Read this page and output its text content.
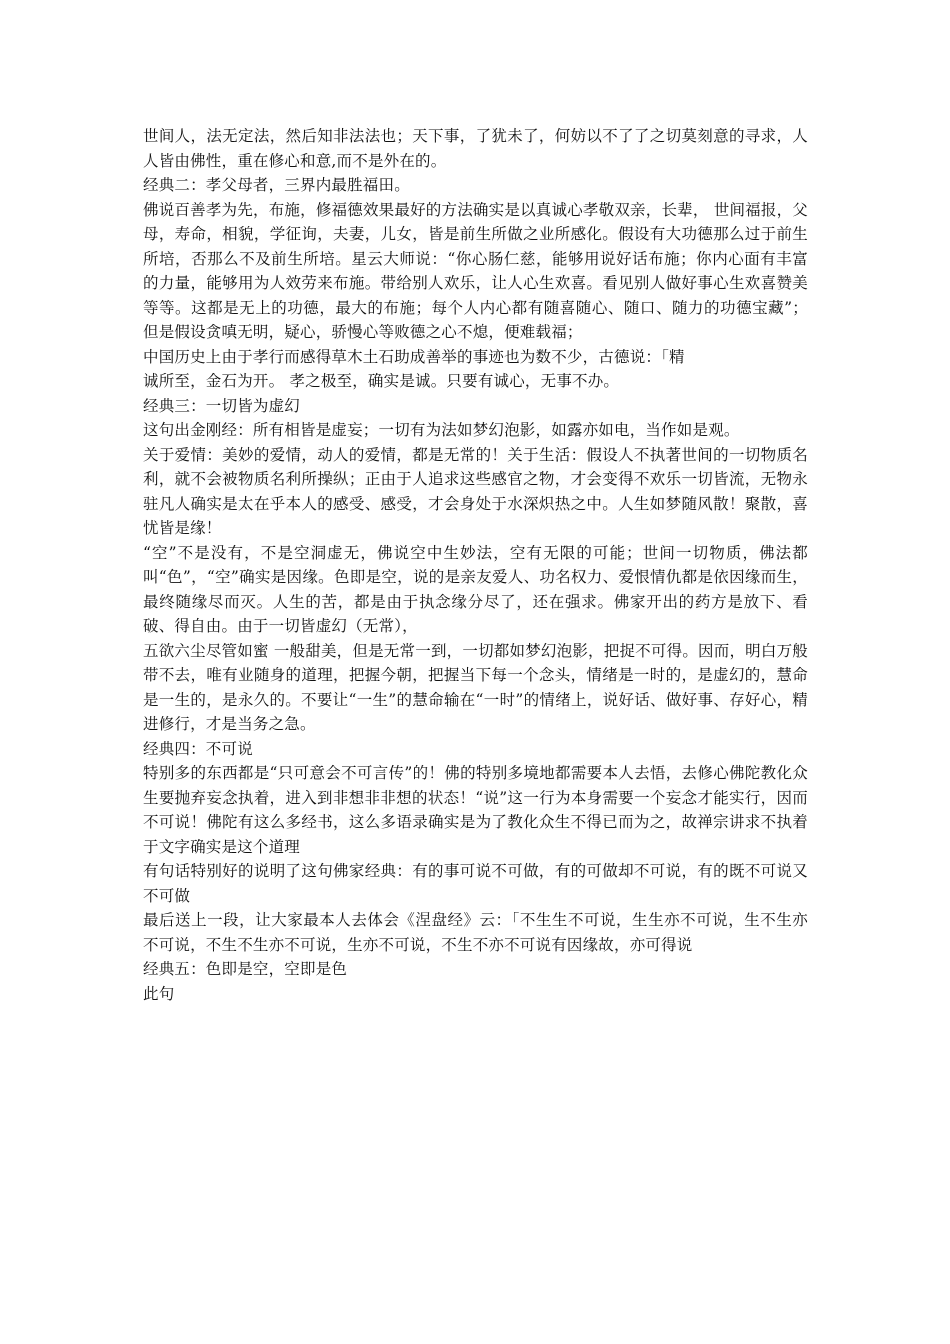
世间人，法无定法，然后知非法法也；天下事，了犹未了，何妨以不了了之切莫刻意的寻求，人人皆由佛性，重在修心和意,而不是外在的。

经典二：孝父母者，三界内最胜福田。

佛说百善孝为先，布施，修福德效果最好的方法确实是以真诚心孝敬双亲，长辈， 世间福报，父母，寿命，相貌，学征询，夫妻，儿女，皆是前生所做之业所感化。假设有大功德那么过于前生所培，否那么不及前生所培。星云大师说：“你心肠仁慈，能够用说好话布施；你内心面有丰富的力量，能够用为人效劳来布施。带给别人欢乐，让人心生欢喜。看见别人做好事心生欢喜赞美等等。这都是无上的功德，最大的布施；每个人内心都有随喜随心、随口、随力的功德宝藏”；但是假设贪嗔无明，疑心，骄慢心等败德之心不熄，便难载福；

中国历史上由于孝行而感得草木土石助成善举的事迹也为数不少，古德说：「精

诚所至，金石为开。 孝之极至，确实是诚。只要有诚心，无事不办。

经典三：一切皆为虚幻

这句出金刚经：所有相皆是虚妄；一切有为法如梦幻泡影，如露亦如电，当作如是观。

关于爱情：美妙的爱情，动人的爱情，都是无常的！关于生活：假设人不执著世间的一切物质名利，就不会被物质名利所操纵；正由于人追求这些感官之物，才会变得不欢乐一切皆流，无物永驻凡人确实是太在乎本人的感受、感受，才会身处于水深炽热之中。人生如梦随风散！聚散，喜忧皆是缘！

“空”不是没有，不是空洞虚无，佛说空中生妙法，空有无限的可能；世间一切物质，佛法都叫“色”，“空”确实是因缘。色即是空，说的是亲友爱人、功名权力、爱恨情仇都是依因缘而生，最终随缘尽而灭。人生的苦，都是由于执念缘分尽了，还在强求。佛家开出的药方是放下、看破、得自由。由于一切皆虚幻（无常），

五欲六尘尽管如蜜 一般甜美，但是无常一到，一切都如梦幻泡影，把捉不可得。因而，明白万般带不去，唯有业随身的道理，把握今朝，把握当下每一个念头，情绪是一时的，是虚幻的，慧命是一生的，是永久的。不要让“一生”的慧命输在“一时”的情绪上，说好话、做好事、存好心，精进修行，才是当务之急。

经典四：不可说

特别多的东西都是“只可意会不可言传”的！佛的特别多境地都需要本人去悟，去修心佛陀教化众生要抛弃妄念执着，进入到非想非非想的状态！“说”这一行为本身需要一个妄念才能实行，因而不可说！佛陀有这么多经书，这么多语录确实是为了教化众生不得已而为之，故禅宗讲求不执着于文字确实是这个道理

有句话特别好的说明了这句佛家经典：有的事可说不可做，有的可做却不可说，有的既不可说又不可做

最后送上一段，让大家最本人去体会《涅盘经》云：「不生生不可说，生生亦不可说，生不生亦不可说，不生不生亦不可说，生亦不可说，不生不亦不可说有因缘故，亦可得说

经典五：色即是空，空即是色

此句
